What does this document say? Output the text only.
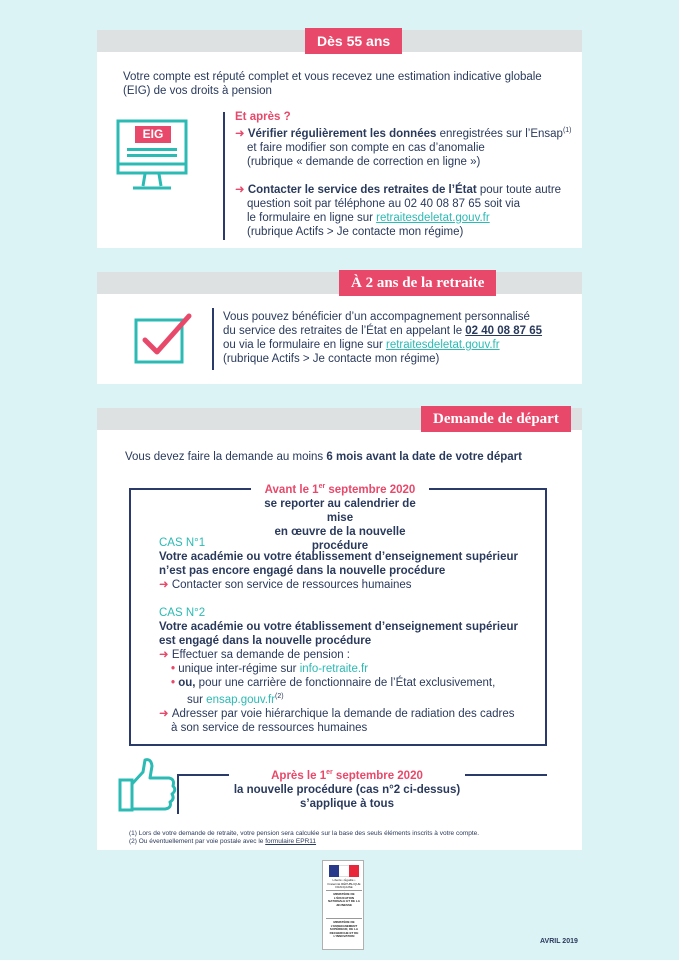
Dès 55 ans
Votre compte est réputé complet et vous recevez une estimation indicative globale
(EIG) de vos droits à pension
EIG
Et après ?
➜ Vérifier régulièrement les données enregistrées sur l’Ensap$^{(1)}$
et faire modifier son compte en cas d’anomalie
(rubrique « demande de correction en ligne »)
➜ Contacter le service des retraites de l’État pour toute autre
question soit par téléphone au 02 40 08 87 65 soit via
le formulaire en ligne sur retraitesdeletat.gouv.fr
(rubrique Actifs > Je contacte mon régime)
À 2 ans de la retraite
Vous pouvez bénéficier d’un accompagnement personnalisé
du service des retraites de l’État en appelant le 02 40 08 87 65
ou via le formulaire en ligne sur retraitesdeletat.gouv.fr
(rubrique Actifs > Je contacte mon régime)
Demande de départ
Vous devez faire la demande au moins 6 mois avant la date de votre départ
Avant le 1er septembre 2020
se reporter au calendrier de mise
en œuvre de la nouvelle procédure
CAS N°1
Votre académie ou votre établissement d’enseignement supérieur
n’est pas encore engagé dans la nouvelle procédure
➜ Contacter son service de ressources humaines
CAS N°2
Votre académie ou votre établissement d’enseignement supérieur
est engagé dans la nouvelle procédure
➜ Effectuer sa demande de pension :
• unique inter-régime sur info-retraite.fr
• ou, pour une carrière de fonctionnaire de l’État exclusivement,
sur $ensap.gouv.fr^{(2)}$
➜ Adresser par voie hiérarchique la demande de radiation des cadres
à son service de ressources humaines
Après le 1er septembre 2020
la nouvelle procédure (cas n°2 ci-dessus)
s’applique à tous
(1) Lors de votre demande de retraite, votre pension sera calculée sur la base des seuls éléments inscrits à votre compte.
(2) Ou éventuellement par voie postale avec le formulaire EPR11
Liberté • Égalité • Fraternité RÉPUBLIQUE FRANÇAISE
MINISTÈRE DE L'ÉDUCATION NATIONALE ET DE LA JEUNESSE
MINISTÈRE DE L'ENSEIGNEMENT SUPÉRIEUR, DE LA RECHERCHE ET DE L'INNOVATION
AVRIL 2019
